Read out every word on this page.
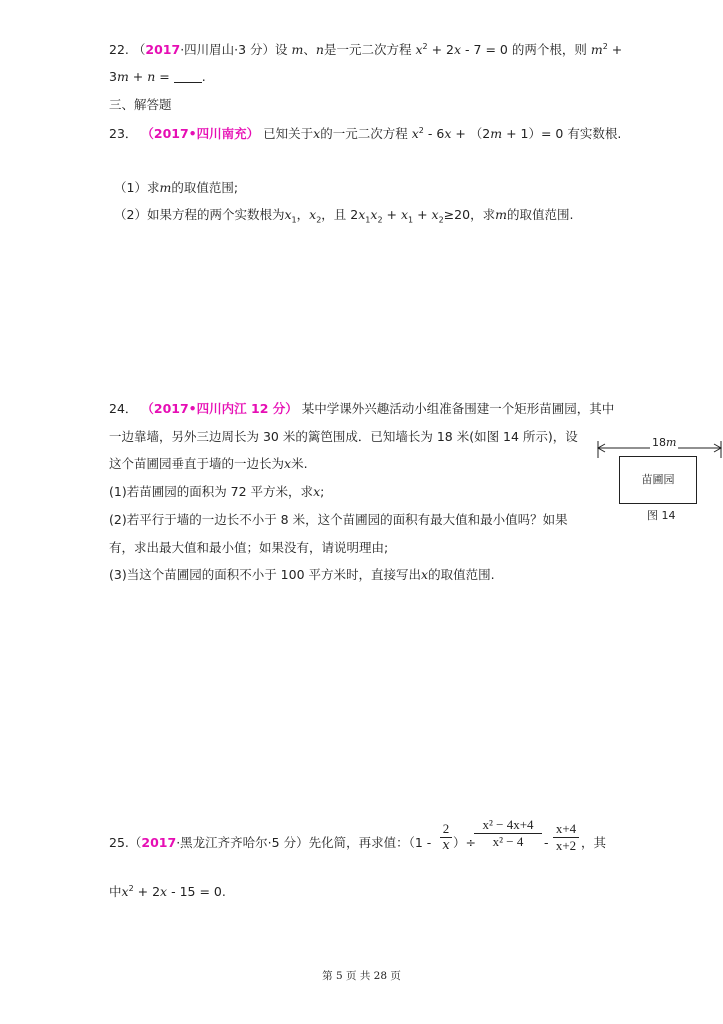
22. （2017·四川眉山·3 分）设 m、n是一元二次方程 $x^2 + 2x - 7 = 0$ 的两个根，则 $m^2$ +
3m + n = .
三、解答题
23． （2017•四川南充） 已知关于x的一元二次方程 $x^2 - 6x + (2m + 1)= 0$ 有实数根.
（1）求m的取值范围;
（2）如果方程的两个实数根为$x_1$，$x_2$，且 $2x_1x_2 + x_1 + x_2\ge 20$，求m的取值范围.
24． （2017•四川内江 12 分） 某中学课外兴趣活动小组准备围建一个矩形苗圃园，其中
一边靠墙，另外三边周长为 30 米的篱笆围成．已知墙长为 18 米(如图 14 所示)，设
这个苗圃园垂直于墙的一边长为x米.
(1)若苗圃园的面积为 72 平方米，求x;
(2)若平行于墙的一边长不小于 8 米，这个苗圃园的面积有最大值和最小值吗？如果
有，求出最大值和最小值；如果没有，请说明理由;
(3)当这个苗圃园的面积不小于 100 平方米时，直接写出x的取值范围.
18m
苗圃园
图 14
25.（2017·黑龙江齐齐哈尔·5 分）先化简，再求值：（1 -
2
x ）÷
x² − 4x+4
x² − 4	-
x+4
x+2 ，其
中$x^2 + 2x - 15 = 0$.
第 5 页 共 28 页
